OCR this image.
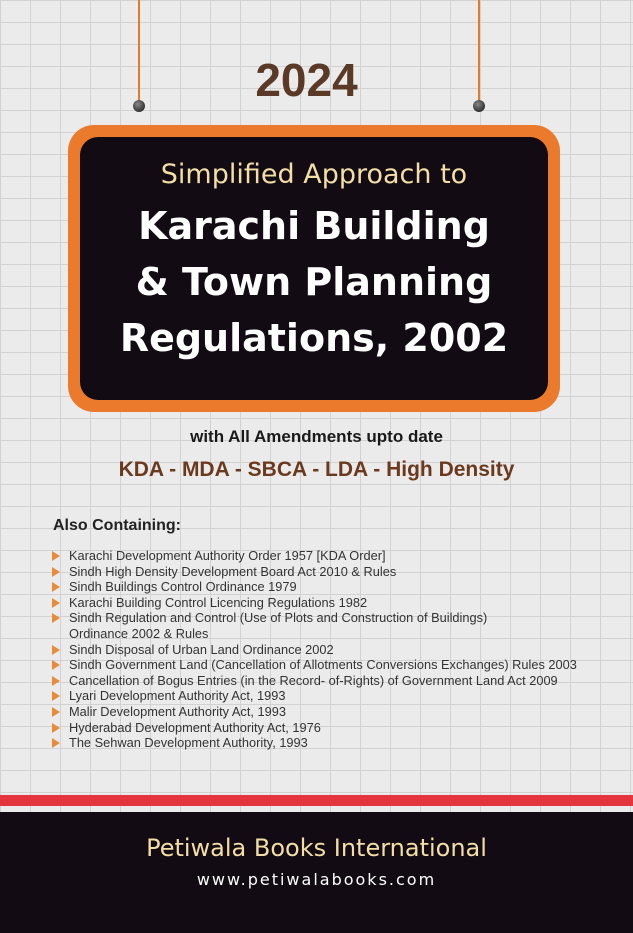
2024
Simplified Approach to
Karachi Building
& Town Planning
Regulations, 2002
with All Amendments upto date
KDA - MDA - SBCA - LDA - High Density
Also Containing:
Karachi Development Authority Order 1957 [KDA Order]
Sindh High Density Development Board Act 2010 & Rules
Sindh Buildings Control Ordinance 1979
Karachi Building Control Licencing Regulations 1982
Sindh Regulation and Control (Use of Plots and Construction of Buildings)
Ordinance 2002 & Rules
Sindh Disposal of Urban Land Ordinance 2002
Sindh Government Land (Cancellation of Allotments Conversions Exchanges) Rules 2003
Cancellation of Bogus Entries (in the Record- of-Rights) of Government Land Act 2009
Lyari Development Authority Act, 1993
Malir Development Authority Act, 1993
Hyderabad Development Authority Act, 1976
The Sehwan Development Authority, 1993
Petiwala Books International
www.petiwalabooks.com
